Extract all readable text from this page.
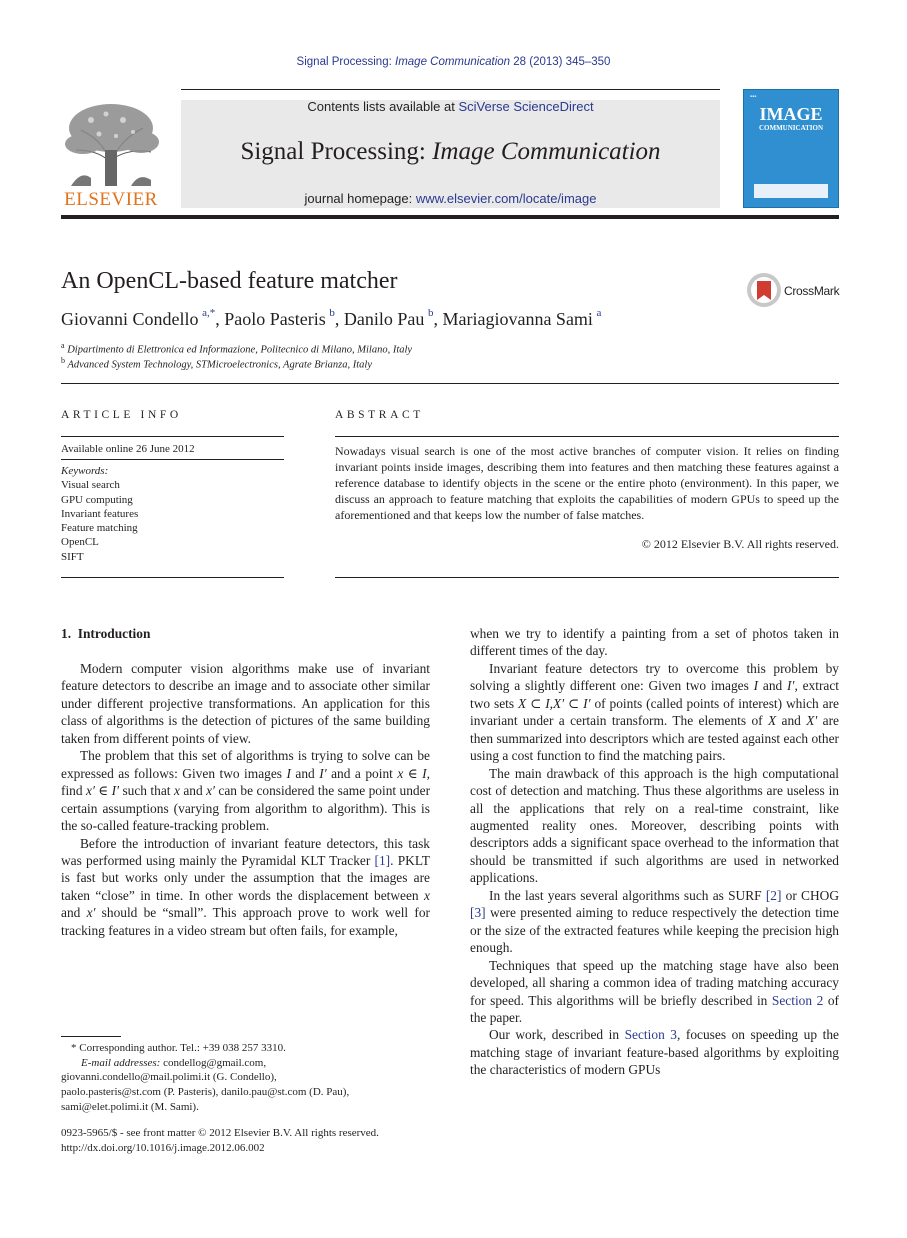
Signal Processing: Image Communication 28 (2013) 345–350
ELSEVIER
Contents lists available at SciVerse ScienceDirect
Signal Processing: Image Communication
journal homepage: www.elsevier.com/locate/image
▪▪▪
IMAGE
COMMUNICATION
An OpenCL-based feature matcher	CrossMark
Giovanni Condello  $^{a,*}$, Paolo Pasteris  $^b$, Danilo Pau  $^b$, Mariagiovanna Sami  $^a$
$^a$ Dipartimento di Elettronica ed Informazione, Politecnico di Milano, Milano, Italy
$^b$ Advanced System Technology, STMicroelectronics, Agrate Brianza, Italy
ARTICLE INFO
Available online 26 June 2012
Keywords:
Visual search
GPU computing
Invariant features
Feature matching
OpenCL
SIFT
ABSTRACT
Nowadays visual search is one of the most active branches of computer vision. It relies on finding invariant points inside images, describing them into features and then matching these features against a reference database to identify objects in the scene or the entire photo (environment). In this paper, we discuss an approach to feature matching that exploits the capabilities of modern GPUs to speed up the aforementioned and that keeps low the number of false matches.
© 2012 Elsevier B.V. All rights reserved.
1. Introduction

Modern computer vision algorithms make use of invariant feature detectors to describe an image and to associate other similar under different projective transformations. An application for this class of algorithms is the detection of pictures of the same building taken from different points of view.

The problem that this set of algorithms is trying to solve can be expressed as follows: Given two images I and I′ and a point x ∈ I, find x′ ∈ I′ such that x and x′ can be considered the same point under certain assumptions (varying from algorithm to algorithm). This is the so-called feature-tracking problem.

Before the introduction of invariant feature detectors, this task was performed using mainly the Pyramidal KLT Tracker [1]. PKLT is fast but works only under the assumption that the images are taken “close” in time. In other words the displacement between x and x′ should be “small”. This approach prove to work well for tracking features in a video stream but often fails, for example,

when we try to identify a painting from a set of photos taken in different times of the day.

Invariant feature detectors try to overcome this problem by solving a slightly different one: Given two images I and I′, extract two sets X ⊂ I,X′ ⊂ I′ of points (called points of interest) which are invariant under a certain transform. The elements of X and X′ are then summarized into descriptors which are tested against each other using a cost function to find the matching pairs.

The main drawback of this approach is the high computational cost of detection and matching. Thus these algorithms are useless in all the applications that rely on a real-time constraint, like augmented reality ones. Moreover, describing points with descriptors adds a significant space overhead to the information that should be transmitted if such algorithms are used in networked applications.

In the last years several algorithms such as SURF [2] or CHOG [3] were presented aiming to reduce respectively the detection time or the size of the extracted features while keeping the precision high enough.

Techniques that speed up the matching stage have also been developed, all sharing a common idea of trading matching accuracy for speed. This algorithms will be briefly described in Section 2 of the paper.

Our work, described in Section 3, focuses on speeding up the matching stage of invariant feature-based algorithms by exploiting the characteristics of modern GPUs

* Corresponding author. Tel.: +39 038 257 3310.
E-mail addresses: condellog@gmail.com,
giovanni.condello@mail.polimi.it (G. Condello),
paolo.pasteris@st.com (P. Pasteris), danilo.pau@st.com (D. Pau),
sami@elet.polimi.it (M. Sami).
0923-5965/$ - see front matter © 2012 Elsevier B.V. All rights reserved.
http://dx.doi.org/10.1016/j.image.2012.06.002
